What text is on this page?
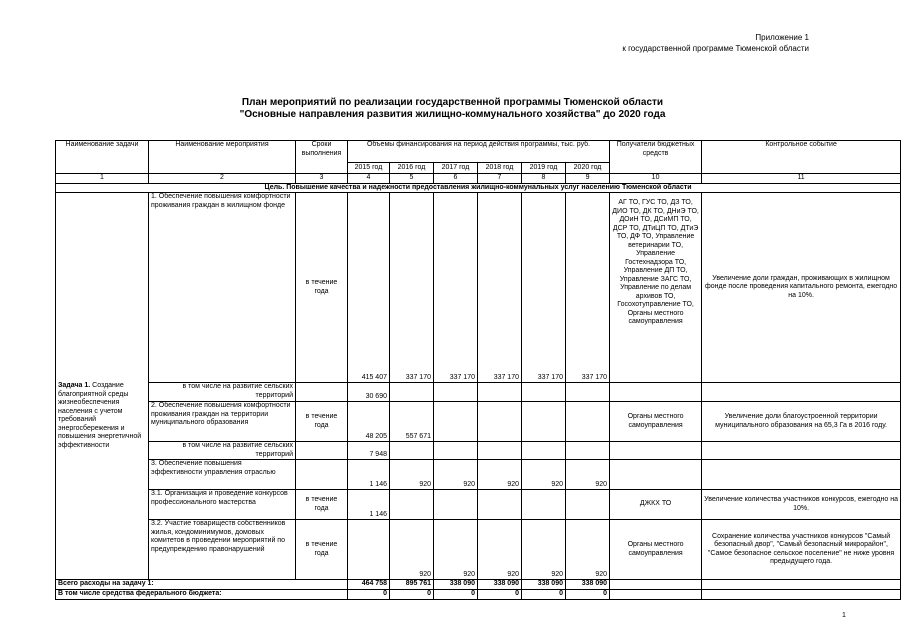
Приложение 1
к государственной программе Тюменской области
План мероприятий по реализации государственной программы Тюменской области
"Основные направления развития жилищно-коммунального хозяйства" до 2020 года
Наименование задачи	Наименование мероприятия	Сроки выполнения	Объемы финансирования на период действия программы, тыс. руб.						Получатели бюджетных средств	Контрольное событие	
			2015 год	2016 год	2017 год	2018 год	2019 год	2020 год			
1	2	3	4	5	6	7	8	9	10	11	
Цель. Повышение качества и надежности предоставления жилищно-коммунальных услуг населению Тюменской области											
Задача 1. Создание благоприятной среды жизнеобеспечения населения с учетом требований энергосбережения и повышения энергетичной эффективности	1. Обеспечение повышения комфортности проживания граждан в жилищном фонде	в течение года	415 407	337 170	337 170	337 170	337 170	337 170	АГ ТО, ГУС ТО, ДЗ ТО, ДИО ТО, ДК ТО, ДНиЭ ТО, ДОиН ТО, ДСиМП ТО, ДСР ТО, ДТиЦП ТО, ДТиЭ ТО, ДФ ТО, Управление ветеринарии ТО, Управление Гостехнадзора ТО, Управление ДП ТО, Управление ЗАГС ТО, Управление по делам архивов ТО, Госохотуправление ТО, Органы местного самоуправления	Увеличение доли граждан, проживающих в жилищном фонде после проведения капитального ремонта, ежегодно на 10%.	
	в том числе на развитие сельских территорий		30 690								
	2. Обеспечение повышения комфортности проживания граждан на территории муниципального образования	в течение года	48 205	557 671					Органы местного самоуправления	Увеличение доли благоустроенной территории муниципального образования на 65,3 Га в 2016 году.	
	в том числе на развитие сельских территорий		7 948								
	3. Обеспечение повышения эффективности управления отраслью		1 146	920	920	920	920	920			
	3.1. Организация и проведение конкурсов профессионального мастерства	в течение года	1 146						ДЖКХ ТО	Увеличение количества участников конкурсов, ежегодно на 10%.	
	3.2. Участие товариществ собственников жилья, кондоминимумов, домовых комитетов в проведении мероприятий по предупреждению правонарушений	в течение года		920	920	920	920	920	Органы местного самоуправления	Сохранение количества участников конкурсов "Самый безопасный двор", "Самый безопасный микрорайон", "Самое безопасное сельское поселение" не ниже уровня предыдущего года.	
Всего расходы на задачу 1:			464 758	895 761	338 090	338 090	338 090	338 090			
В том числе средства федерального бюджета:			0	0	0	0	0	0			
1
